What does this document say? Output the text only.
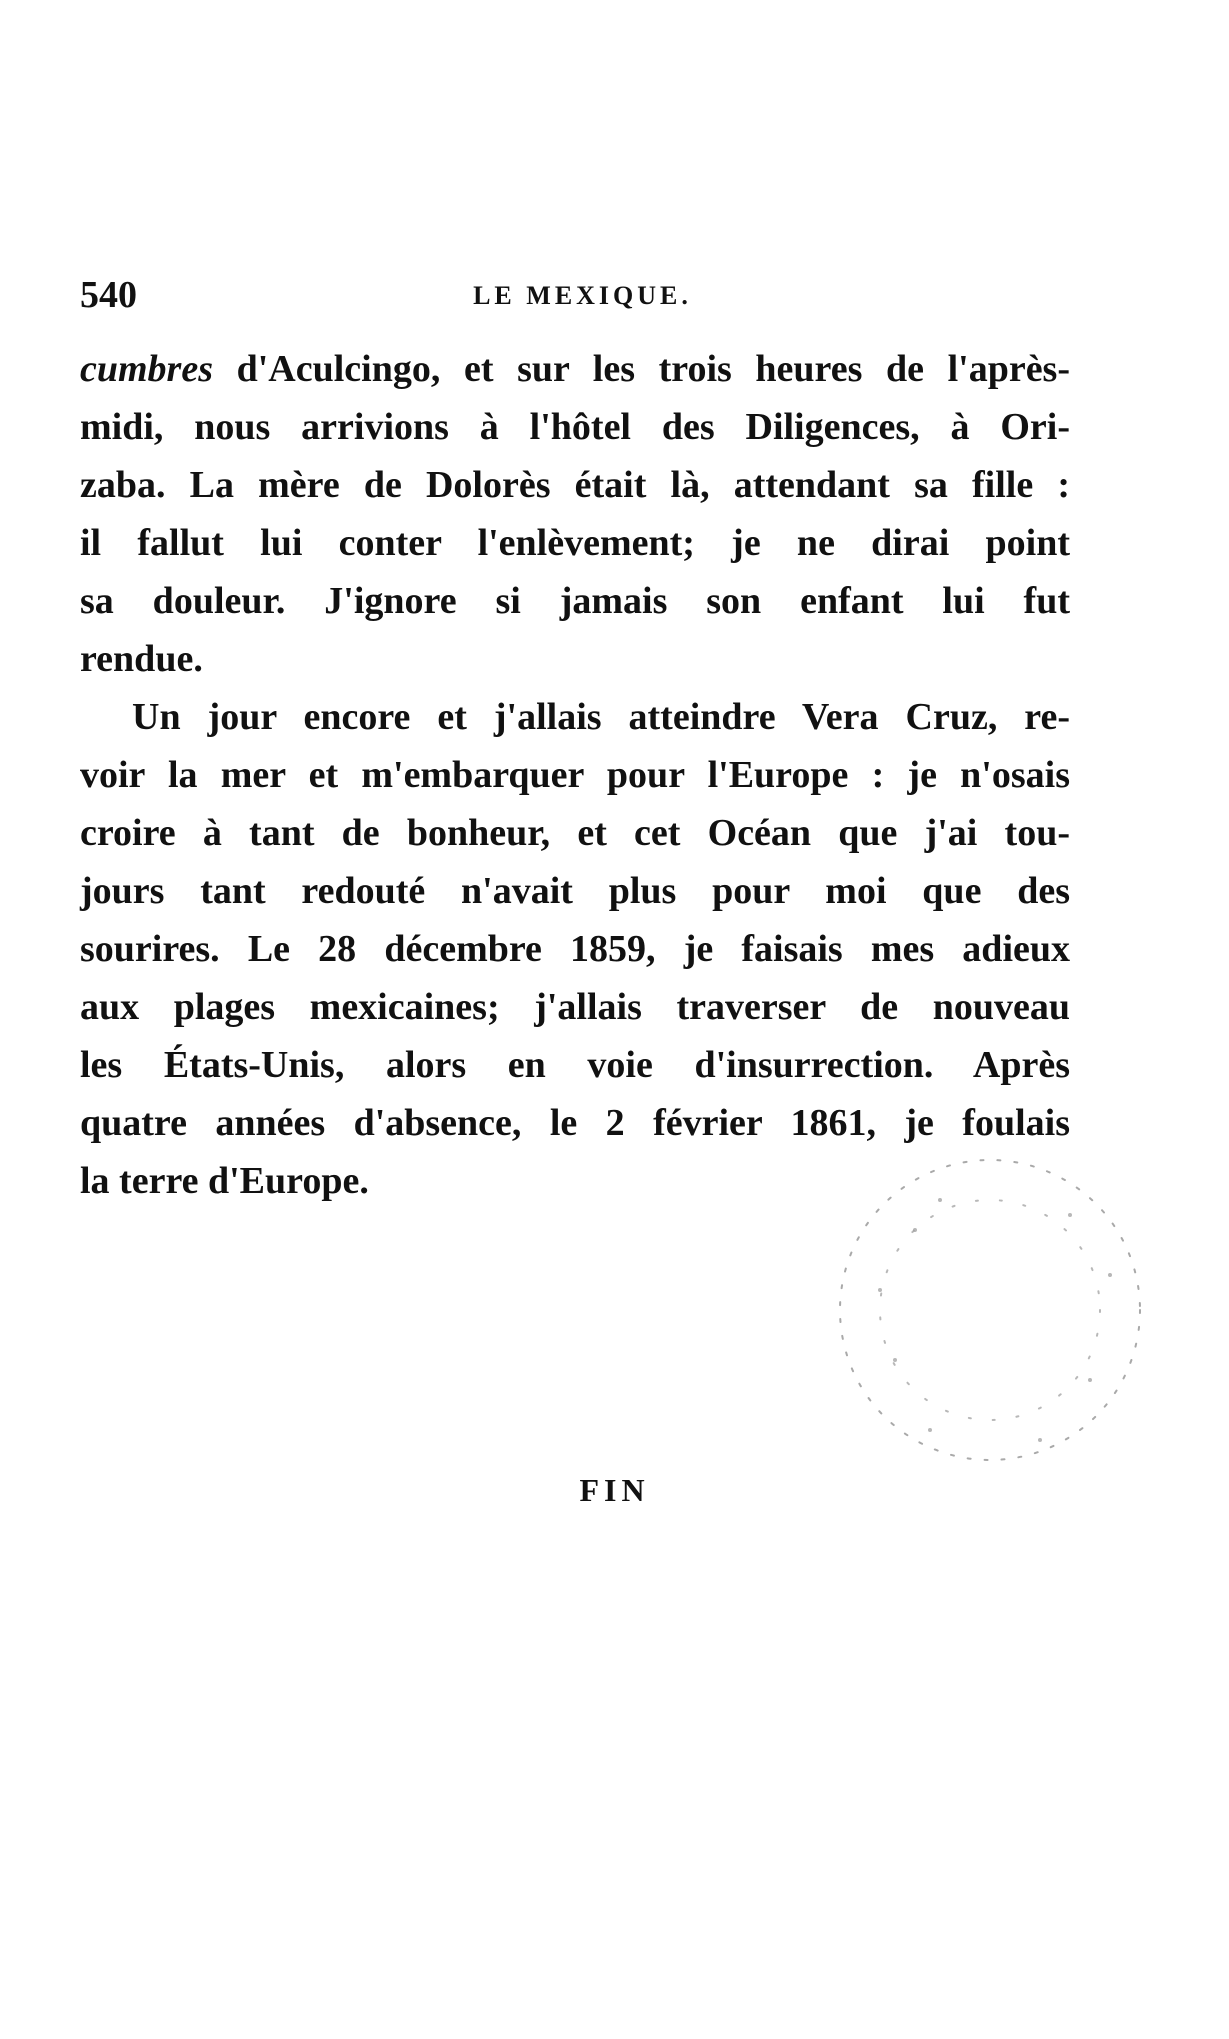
540	LE MEXIQUE.
cumbres d'Aculcingo, et sur les trois heures de l'après-
midi, nous arrivions à l'hôtel des Diligences, à Ori-
zaba. La mère de Dolorès était là, attendant sa fille :
il fallut lui conter l'enlèvement; je ne dirai point
sa douleur. J'ignore si jamais son enfant lui fut
rendue.
Un jour encore et j'allais atteindre Vera Cruz, re-
voir la mer et m'embarquer pour l'Europe : je n'osais
croire à tant de bonheur, et cet Océan que j'ai tou-
jours tant redouté n'avait plus pour moi que des
sourires. Le 28 décembre 1859, je faisais mes adieux
aux plages mexicaines; j'allais traverser de nouveau
les États-Unis, alors en voie d'insurrection. Après
quatre années d'absence, le 2 février 1861, je foulais
la terre d'Europe.
FIN
